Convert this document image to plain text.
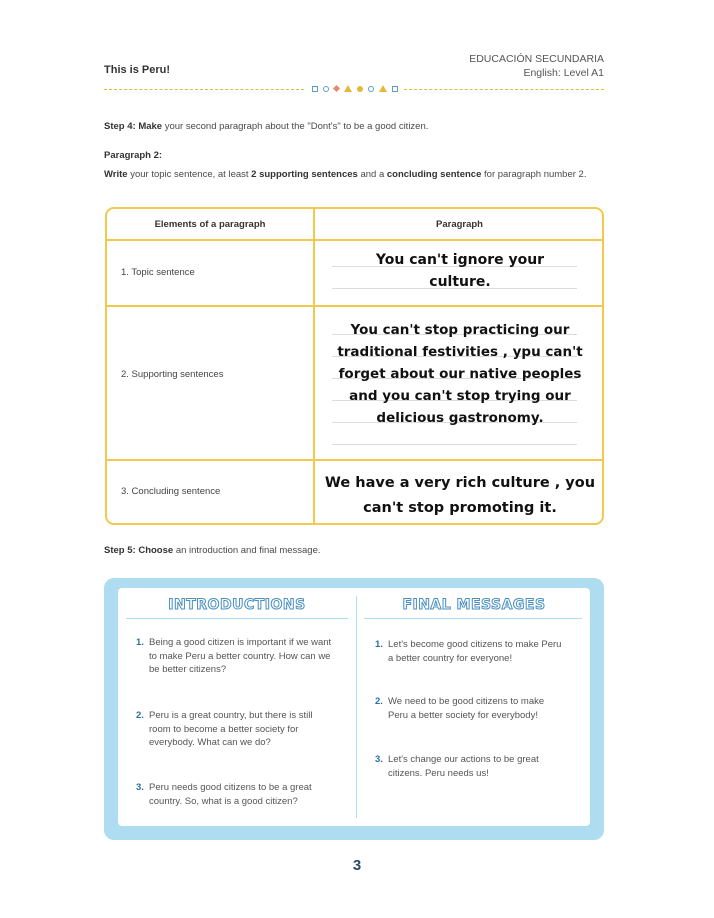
This is Peru!
EDUCACIÓN SECUNDARIA
English: Level A1
Step 4: Make your second paragraph about the "Dont's" to be a good citizen.
Paragraph 2:
Write your topic sentence, at least 2 supporting sentences and a concluding sentence for paragraph number 2.
Elements of a paragraph	Paragraph
1. Topic sentence
You can't ignore your culture.
2. Supporting sentences
You can't stop practicing our traditional festivities , ypu can't forget about our native peoples and you can't stop trying our delicious gastronomy.
3. Concluding sentence
We have a very rich culture , you can't stop promoting it.
Step 5: Choose an introduction and final message.
INTRODUCTIONS	FINAL MESSAGES
1. Being a good citizen is important if we want to make Peru a better country. How can we be better citizens?
2. Peru is a great country, but there is still room to become a better society for everybody. What can we do?
3. Peru needs good citizens to be a great country. So, what is a good citizen?
1. Let's become good citizens to make Peru a better country for everyone!
2. We need to be good citizens to make Peru a better society for everybody!
3. Let's change our actions to be great citizens. Peru needs us!
3
